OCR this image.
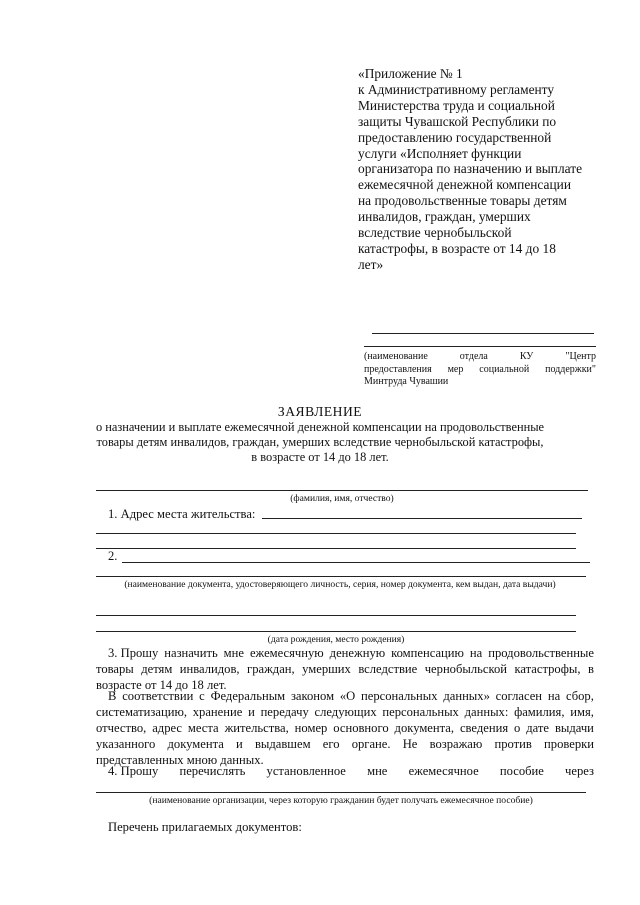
«Приложение № 1
к Административному регламенту
Министерства труда и социальной
защиты Чувашской Республики по
предоставлению государственной
услуги «Исполняет функции
организатора по назначению и выплате
ежемесячной денежной компенсации
на продовольственные товары детям
инвалидов, граждан, умерших
вследствие чернобыльской
катастрофы, в возрасте от 14 до 18
лет»
(наименование	отдела	КУ	"Центр
предоставления мер социальной поддержки"
Минтруда Чувашии
ЗАЯВЛЕНИЕ
о назначении и выплате ежемесячной денежной компенсации на продовольственные
товары детям инвалидов, граждан, умерших вследствие чернобыльской катастрофы,
в возрасте от 14 до 18 лет.
(фамилия, имя, отчество)
1. Адрес места жительства:
2.
(наименование документа, удостоверяющего личность, серия, номер документа, кем выдан, дата выдачи)
(дата рождения, место рождения)
3. Прошу назначить мне ежемесячную денежную компенсацию на продовольственные
товары детям инвалидов, граждан, умерших вследствие чернобыльской катастрофы, в
возрасте от 14 до 18 лет.
В соответствии с Федеральным законом «О персональных данных» согласен на сбор,
систематизацию, хранение и передачу следующих персональных данных: фамилия, имя,
отчество, адрес места жительства, номер основного документа, сведения о дате выдачи
указанного документа и выдавшем его органе. Не возражаю против проверки
представленных мною данных.
4. Прошу перечислять установленное мне ежемесячное пособие через
(наименование организации, через которую гражданин будет получать ежемесячное пособие)
Перечень прилагаемых документов:
